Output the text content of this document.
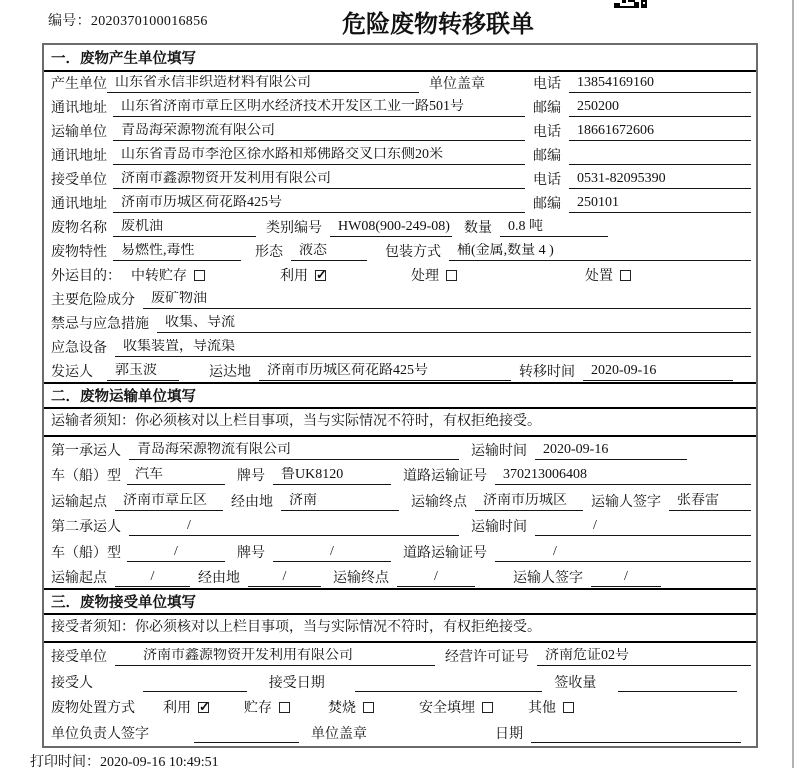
编号：2020370100016856	危险废物转移联单
一．废物产生单位填写
产生单位 山东省永信非织造材料有限公司	单位盖章	电话	13854169160
通讯地址	山东省济南市章丘区明水经济技术开发区工业一路501号	邮编	250200
运输单位	青岛海荣源物流有限公司	电话	18661672606
通讯地址	山东省青岛市李沧区徐水路和郑佛路交叉口东侧20米	邮编
接受单位	济南市鑫源物资开发利用有限公司	电话	0531-82095390
通讯地址	济南市历城区荷花路425号	邮编	250101
废物名称	废机油	类别编号	HW08(900-249-08) 数量	0.8 吨
废物特性	易燃性,毒性	形态	液态	包装方式	桶(金属,数量 4 )
外运目的： 中转贮存	利用 ✓	处理	处置
主要危险成分	废矿物油
禁忌与应急措施	收集、导流
应急设备	收集装置，导流渠
发运人	郭玉波	运达地	济南市历城区荷花路425号	转移时间	2020-09-16
二．废物运输单位填写
运输者须知：你必须核对以上栏目事项，当与实际情况不符时，有权拒绝接受。
第一承运人	青岛海荣源物流有限公司	运输时间	2020-09-16
车（船）型	汽车	牌号	鲁UK8120	道路运输证号	370213006408
运输起点	济南市章丘区	经由地	济南	运输终点	济南市历城区	运输人签字	张春雷
第二承运人	/	运输时间	/
车（船）型	/	牌号	/	道路运输证号	/
运输起点	/	经由地	/	运输终点	/	运输人签字	/
三．废物接受单位填写
接受者须知：你必须核对以上栏目事项，当与实际情况不符时，有权拒绝接受。
接受单位	济南市鑫源物资开发利用有限公司	经营许可证号	济南危证02号
接受人	接受日期	签收量
废物处置方式 利用 ✓	贮存	焚烧	安全填埋	其他
单位负责人签字	单位盖章	日期
打印时间：2020-09-16 10:49:51
